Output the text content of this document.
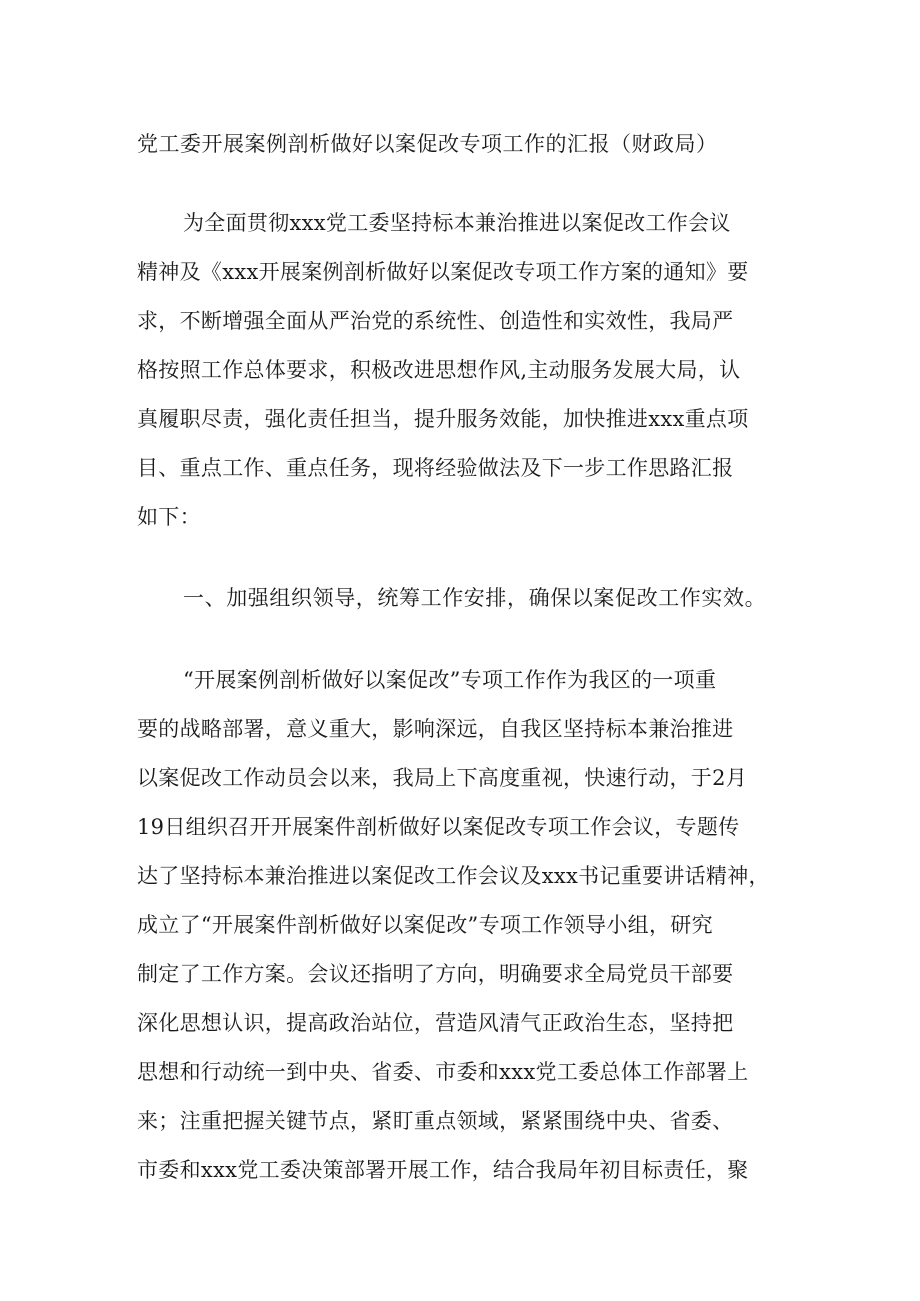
党工委开展案例剖析做好以案促改专项工作的汇报（财政局）
为全面贯彻xxx党工委坚持标本兼治推进以案促改工作会议
精神及《xxx开展案例剖析做好以案促改专项工作方案的通知》要
求，不断增强全面从严治党的系统性、创造性和实效性，我局严
格按照工作总体要求，积极改进思想作风,主动服务发展大局，认
真履职尽责，强化责任担当，提升服务效能，加快推进xxx重点项
目、重点工作、重点任务，现将经验做法及下一步工作思路汇报
如下：
一、加强组织领导，统筹工作安排，确保以案促改工作实效。
“开展案例剖析做好以案促改”专项工作作为我区的一项重
要的战略部署，意义重大，影响深远，自我区坚持标本兼治推进
以案促改工作动员会以来，我局上下高度重视，快速行动，于2月
19日组织召开开展案件剖析做好以案促改专项工作会议，专题传
达了坚持标本兼治推进以案促改工作会议及xxx书记重要讲话精神，
成立了“开展案件剖析做好以案促改”专项工作领导小组，研究
制定了工作方案。会议还指明了方向，明确要求全局党员干部要
深化思想认识，提高政治站位，营造风清气正政治生态，坚持把
思想和行动统一到中央、省委、市委和xxx党工委总体工作部署上
来；注重把握关键节点，紧盯重点领域，紧紧围绕中央、省委、
市委和xxx党工委决策部署开展工作，结合我局年初目标责任，聚
